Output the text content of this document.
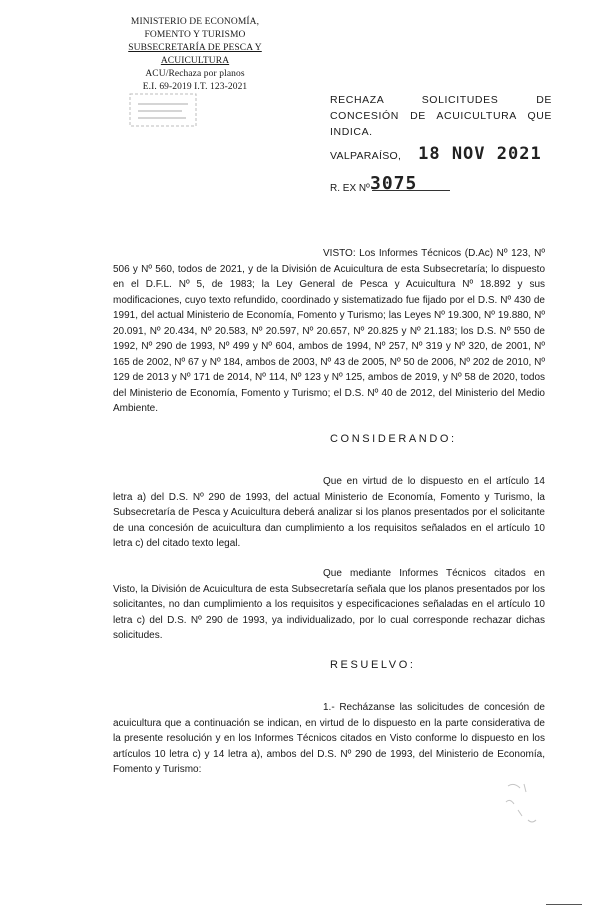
MINISTERIO DE ECONOMÍA,
FOMENTO Y TURISMO
SUBSECRETARÍA DE PESCA Y ACUICULTURA
ACU/Rechaza por planos
E.I. 69-2019 I.T. 123-2021
RECHAZA SOLICITUDES DE CONCESIÓN DE ACUICULTURA QUE INDICA.
VALPARAÍSO, 18 NOV 2021
R. EX Nº 3075
VISTO: Los Informes Técnicos (D.Ac) Nº 123, Nº 506 y Nº 560, todos de 2021, y de la División de Acuicultura de esta Subsecretaría; lo dispuesto en el D.F.L. Nº 5, de 1983; la Ley General de Pesca y Acuicultura Nº 18.892 y sus modificaciones, cuyo texto refundido, coordinado y sistematizado fue fijado por el D.S. Nº 430 de 1991, del actual Ministerio de Economía, Fomento y Turismo; las Leyes Nº 19.300, Nº 19.880, Nº 20.091, Nº 20.434, Nº 20.583, Nº 20.597, Nº 20.657, Nº 20.825 y Nº 21.183; los D.S. Nº 550 de 1992, Nº 290 de 1993, Nº 499 y Nº 604, ambos de 1994, Nº 257, Nº 319 y Nº 320, de 2001, Nº 165 de 2002, Nº 67 y Nº 184, ambos de 2003, Nº 43 de 2005, Nº 50 de 2006, Nº 202 de 2010, Nº 129 de 2013 y Nº 171 de 2014, Nº 114, Nº 123 y Nº 125, ambos de 2019, y Nº 58 de 2020, todos del Ministerio de Economía, Fomento y Turismo; el D.S. Nº 40 de 2012, del Ministerio del Medio Ambiente.
CONSIDERANDO:
Que en virtud de lo dispuesto en el artículo 14 letra a) del D.S. Nº 290 de 1993, del actual Ministerio de Economía, Fomento y Turismo, la Subsecretaría de Pesca y Acuicultura deberá analizar si los planos presentados por el solicitante de una concesión de acuicultura dan cumplimiento a los requisitos señalados en el artículo 10 letra c) del citado texto legal.
Que mediante Informes Técnicos citados en Visto, la División de Acuicultura de esta Subsecretaría señala que los planos presentados por los solicitantes, no dan cumplimiento a los requisitos y especificaciones señaladas en el artículo 10 letra c) del D.S. Nº 290 de 1993, ya individualizado, por lo cual corresponde rechazar dichas solicitudes.
RESUELVO:
1.- Recházanse las solicitudes de concesión de acuicultura que a continuación se indican, en virtud de lo dispuesto en la parte considerativa de la presente resolución y en los Informes Técnicos citados en Visto conforme lo dispuesto en los artículos 10 letra c) y 14 letra a), ambos del D.S. Nº 290 de 1993, del Ministerio de Economía, Fomento y Turismo:
